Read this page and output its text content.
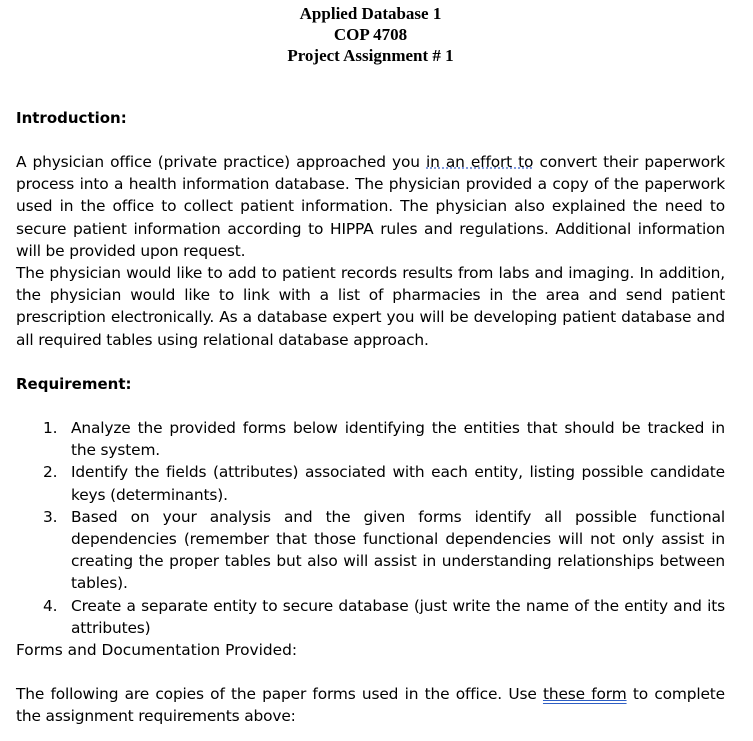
Applied Database 1
COP 4708
Project Assignment # 1
Introduction:
A physician office (private practice) approached you in an effort to convert their paperwork process into a health information database. The physician provided a copy of the paperwork used in the office to collect patient information. The physician also explained the need to secure patient information according to HIPPA rules and regulations. Additional information will be provided upon request.
The physician would like to add to patient records results from labs and imaging. In addition, the physician would like to link with a list of pharmacies in the area and send patient prescription electronically. As a database expert you will be developing patient database and all required tables using relational database approach.
Requirement:
1. Analyze the provided forms below identifying the entities that should be tracked in the system.
2. Identify the fields (attributes) associated with each entity, listing possible candidate keys (determinants).
3. Based on your analysis and the given forms identify all possible functional dependencies (remember that those functional dependencies will not only assist in creating the proper tables but also will assist in understanding relationships between tables).
4. Create a separate entity to secure database (just write the name of the entity and its attributes)
Forms and Documentation Provided:
The following are copies of the paper forms used in the office. Use these form to complete the assignment requirements above:
